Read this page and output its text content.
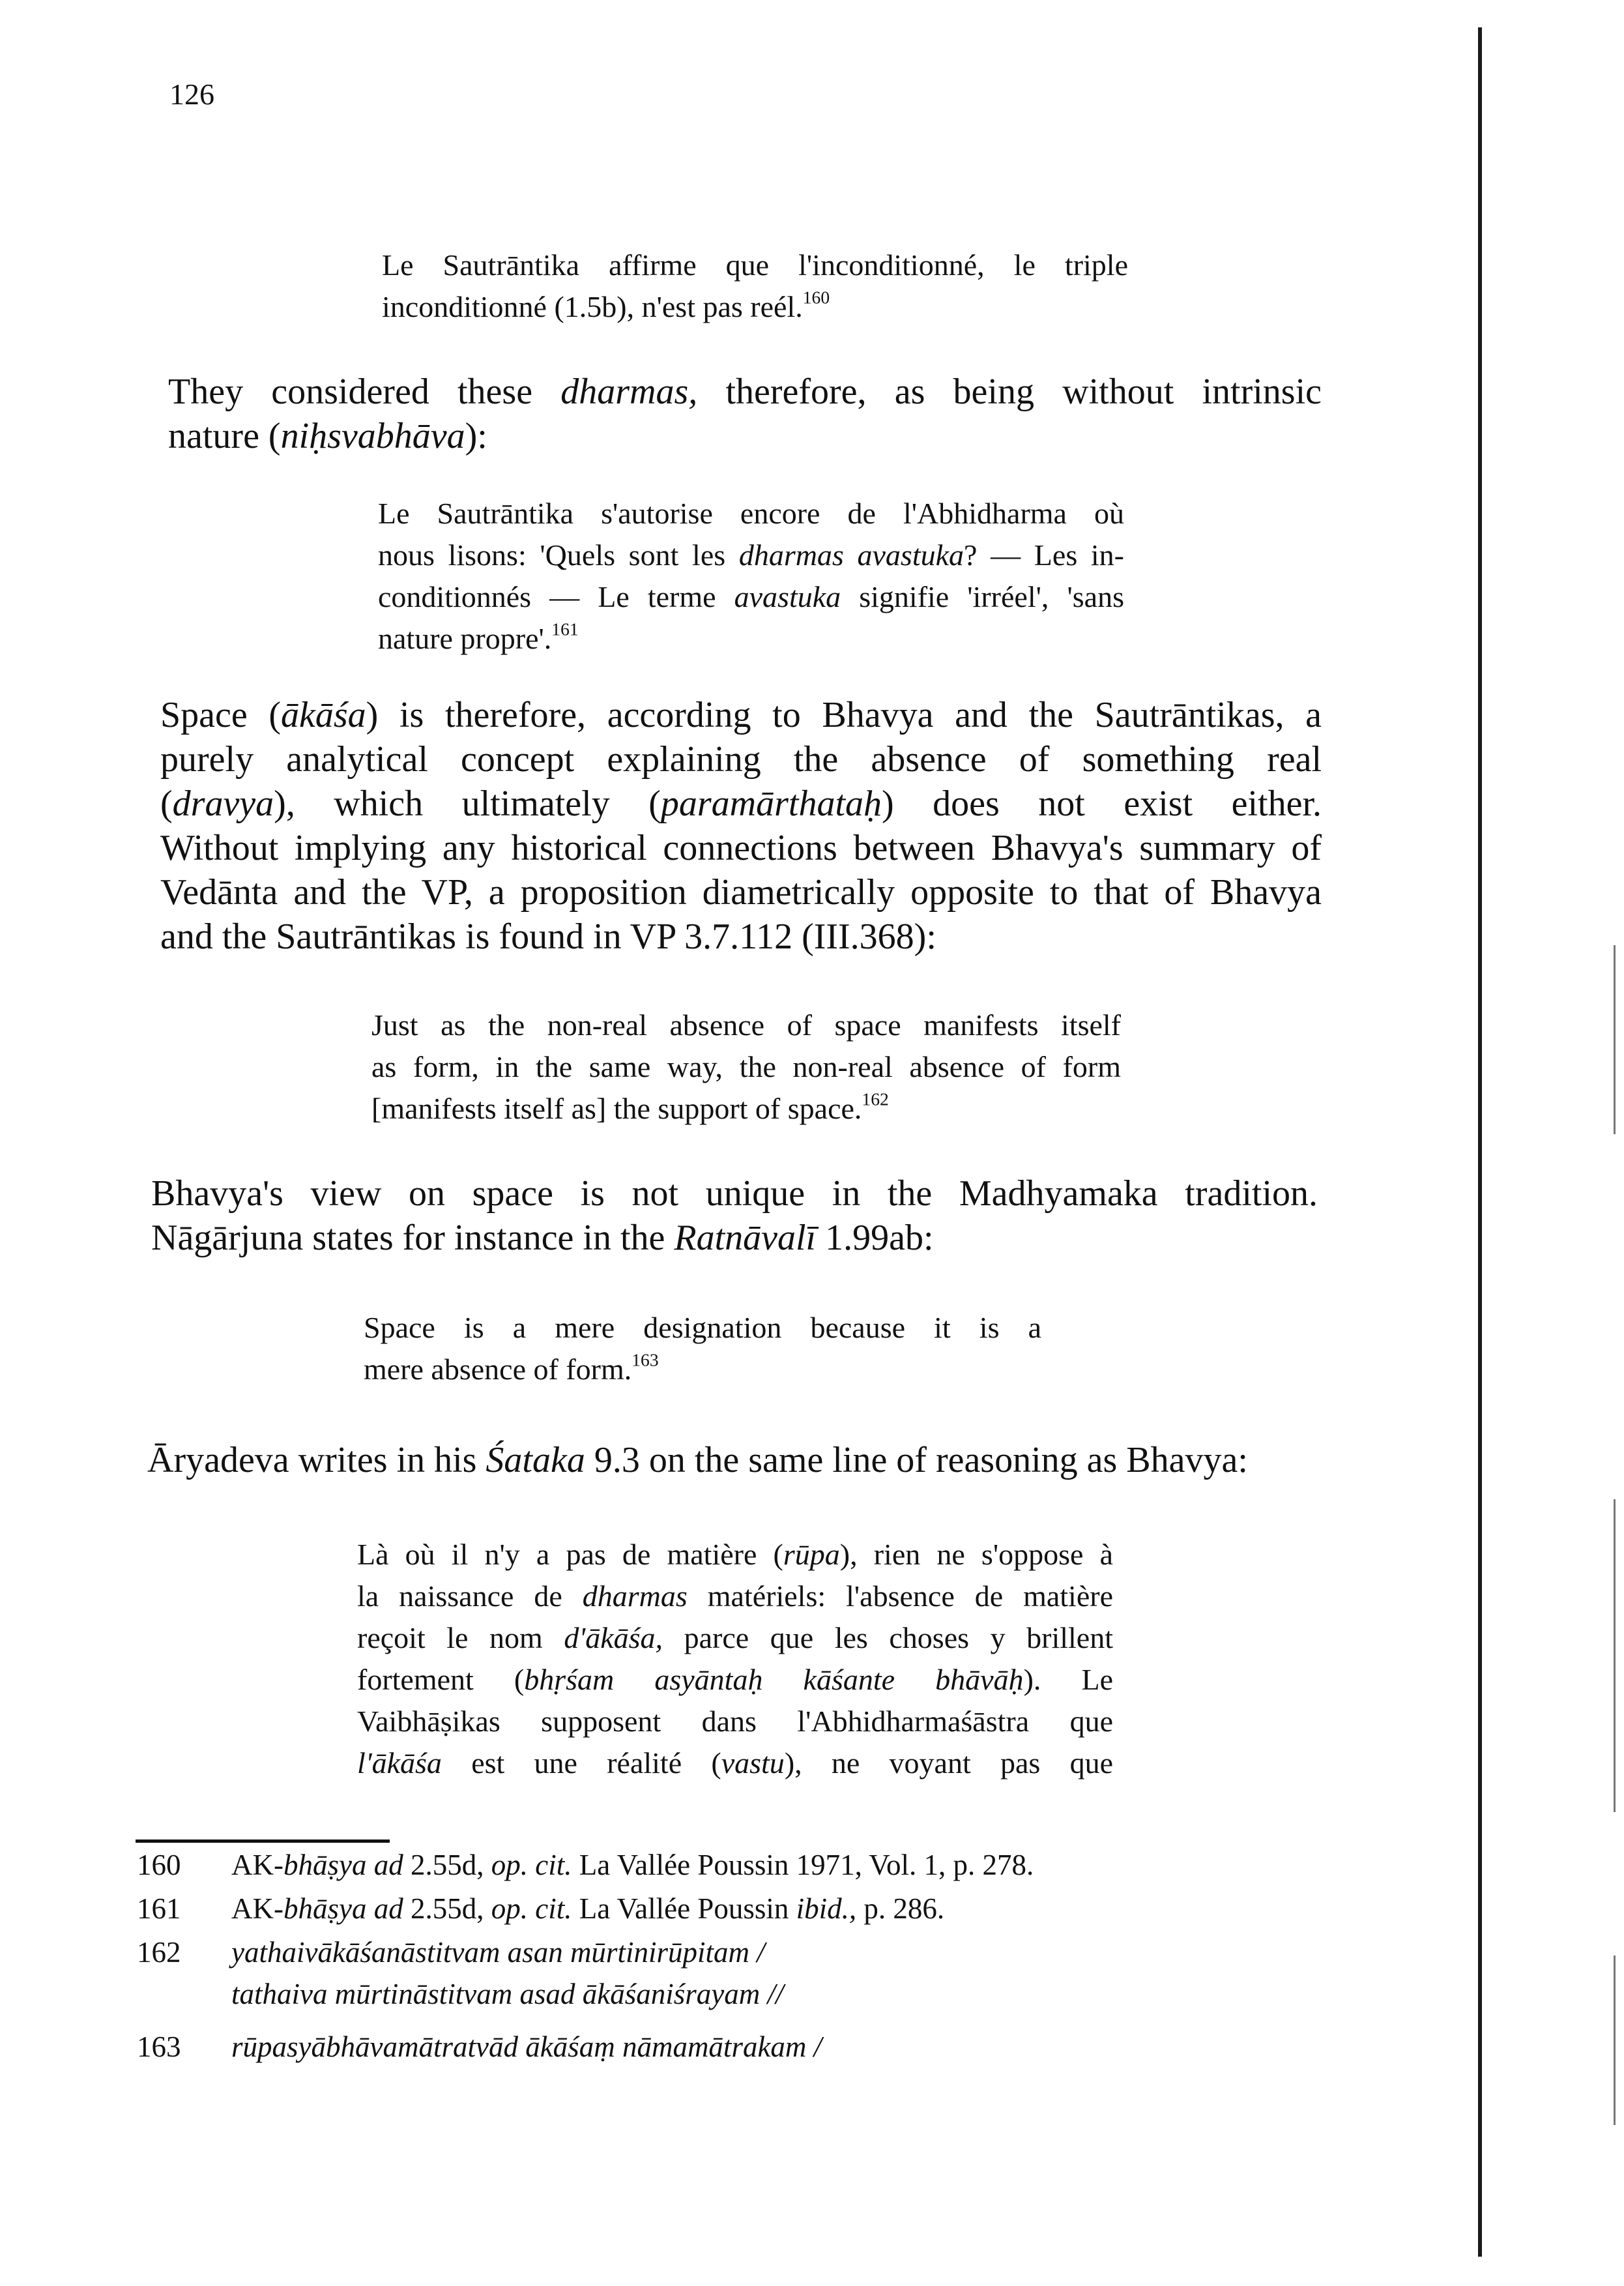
126
Le Sautrāntika affirme que l'inconditionné, le triple
inconditionné (1.5b), n'est pas reél.$^{160}$
They considered these dharmas, therefore, as being without intrinsic
nature (niḥsvabhāva):
Le Sautrāntika s'autorise encore de l'Abhidharma où
nous lisons: 'Quels sont les dharmas avastuka? — Les in-
conditionnés — Le terme avastuka signifie 'irréel', 'sans
nature propre'.$^{161}$
Space (ākāśa) is therefore, according to Bhavya and the Sautrāntikas, a
purely analytical concept explaining the absence of something real
(dravya), which ultimately (paramārthataḥ) does not exist either.
Without implying any historical connections between Bhavya's summary of
Vedānta and the VP, a proposition diametrically opposite to that of Bhavya
and the Sautrāntikas is found in VP 3.7.112 (III.368):
Just as the non-real absence of space manifests itself
as form, in the same way, the non-real absence of form
[manifests itself as] the support of space.$^{162}$
Bhavya's view on space is not unique in the Madhyamaka tradition.
Nāgārjuna states for instance in the Ratnāvalī 1.99ab:
Space is a mere designation because it is a
mere absence of form.$^{163}$
Āryadeva writes in his Śataka 9.3 on the same line of reasoning as Bhavya:
Là où il n'y a pas de matière (rūpa), rien ne s'oppose à
la naissance de dharmas matériels: l'absence de matière
reçoit le nom d'ākāśa, parce que les choses y brillent
fortement (bhṛśam asyāntaḥ kāśante bhāvāḥ). Le
Vaibhāṣikas supposent dans l'Abhidharmaśāstra que
l'ākāśa est une réalité (vastu), ne voyant pas que
160 AK-bhāṣya ad 2.55d, op. cit. La Vallée Poussin 1971, Vol. 1, p. 278.
161 AK-bhāṣya ad 2.55d, op. cit. La Vallée Poussin ibid., p. 286.
162 yathaivākāśanāstitvam asan mūrtinirūpitam /
tathaiva mūrtināstitvam asad ākāśaniśrayam //
163 rūpasyābhāvamātratvād ākāśaṃ nāmamātrakam /
